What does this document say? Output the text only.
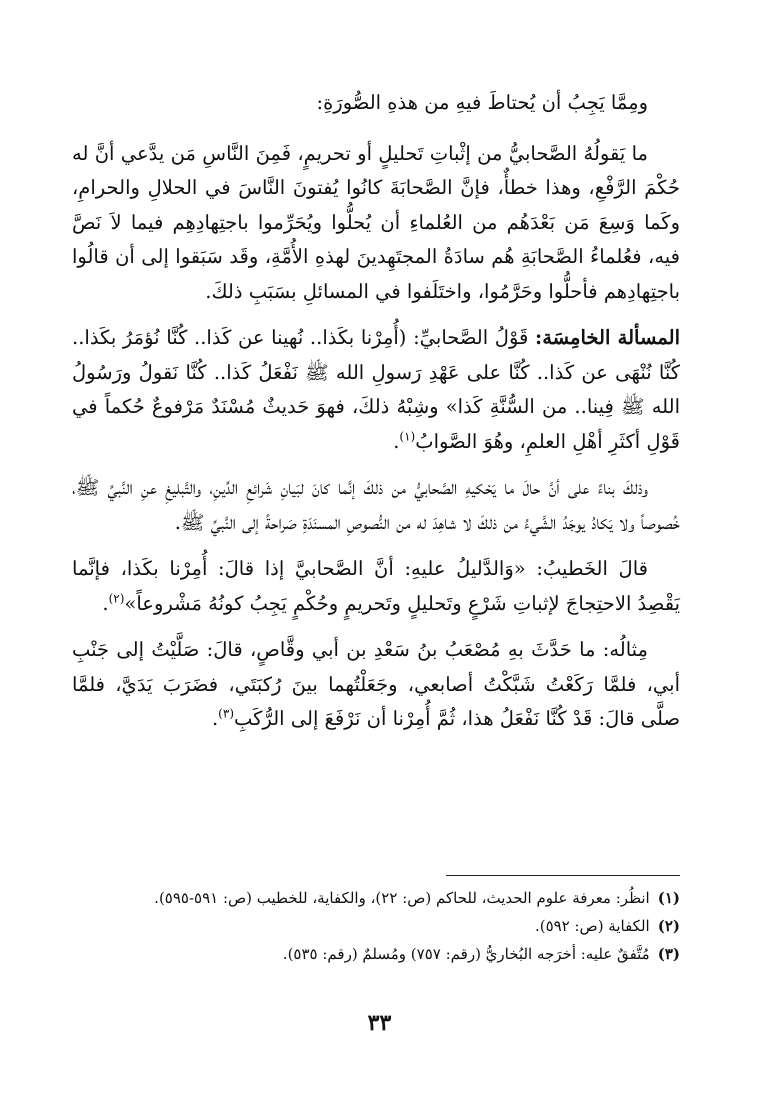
ومِمَّا يَجِبُ أن يُحتاطَ فيهِ من هذهِ الصُّورَةِ:

ما يَقولُهُ الصَّحابيُّ من إثْباتِ تَحليلٍ أو تحريمٍ، فَمِنَ النَّاسِ مَن يدَّعي أنَّ له حُكْمَ الرَّفْعِ، وهذا خطأٌ، فإنَّ الصَّحابَةَ كانُوا يُفتونَ النَّاسَ في الحلالِ والحرامِ، وكَما وَسِعَ مَن بَعْدَهُم من العُلماءِ أن يُحلُّوا ويُحَرِّموا باجتِهادِهِم فيما لاَ نَصَّ فيه، فعُلماءُ الصَّحابَةِ هُم سادَةُ المجتَهِدينَ لهذهِ الأُمَّةِ، وقَد سَبَقوا إلى أن قالُوا باجتِهادِهم فأحلُّوا وحَرَّمُوا، واختَلَفوا في المسائلِ بسَبَبِ ذلكَ.

المسألة الخامِسَة: قَوْلُ الصَّحابيِّ: (أُمِرْنا بكَذا.. نُهينا عن كَذا.. كُنَّا نُؤمَرُ بكَذا.. كُنَّا نُنْهَى عن كَذا.. كُنَّا على عَهْدِ رَسولِ الله ﷺ نَفْعَلُ كَذا.. كُنَّا نَقولُ ورَسُولُ الله ﷺ فِينا.. من السُّنَّةِ كَذا» وشِبْهُ ذلكَ، فهوَ حَديثٌ مُسْنَدٌ مَرْفوعٌ حُكماً في قَوْلِ أكثَرِ أهْلِ العلمِ، وهُوَ الصَّوابُ$^{(١)}$.

وذلكَ بناءً على أنَّ حالَ ما يَحْكيهِ الصَّحابيُّ من ذلكَ إنَّما كانَ لبَيانِ شَرائعِ الدِّينِ، والتَّبليغِ عنِ النَّبيِّ ﷺ، خُصوصاً ولا يَكادُ يوجَدُ الشَّيءُ من ذلكَ لا شاهِدَ له من النُّصوصِ المسنَدَةِ صَراحةً إلى النَّبيِّ ﷺ.

قالَ الخَطيبُ: «وَالدَّليلُ عليهِ: أنَّ الصَّحابيَّ إذا قالَ: أُمِرْنا بكَذا، فإنَّما يَقْصِدُ الاحتِجاجَ لإثباتِ شَرْعٍ وتَحليلٍ وتَحريمٍ وحُكْمٍ يَجِبُ كونُهُ مَشْروعاً»$^{(٢)}$.

مِثالُه: ما حَدَّثَ بهِ مُصْعَبُ بنُ سَعْدِ بن أبي وقَّاصٍ، قالَ: صَلَّيْتُ إلى جَنْبِ أبي، فلمَّا رَكَعْتُ شَبَّكْتُ أصابعي، وجَعَلْتُهما بينَ رُكبَتَي، فضَرَبَ يَدَيَّ، فلمَّا صلَّى قالَ: قَدْ كُنَّا نَفْعَلُ هذا، ثُمَّ أُمِرْنا أن نَرْفَعَ إلى الرُّكَبِ$^{(٣)}$.

(١)انظُر: معرفة علوم الحديث، للحاكم (ص: ٢٢)، والكفاية، للخطيب (ص: ٥٩١-٥٩٥).

(٢)الكفاية (ص: ٥٩٢).

(٣)مُتَّفقٌ عليه: أخرَجه البُخاريُّ (رقم: ٧٥٧) ومُسلمٌ (رقم: ٥٣٥).

٣٣
